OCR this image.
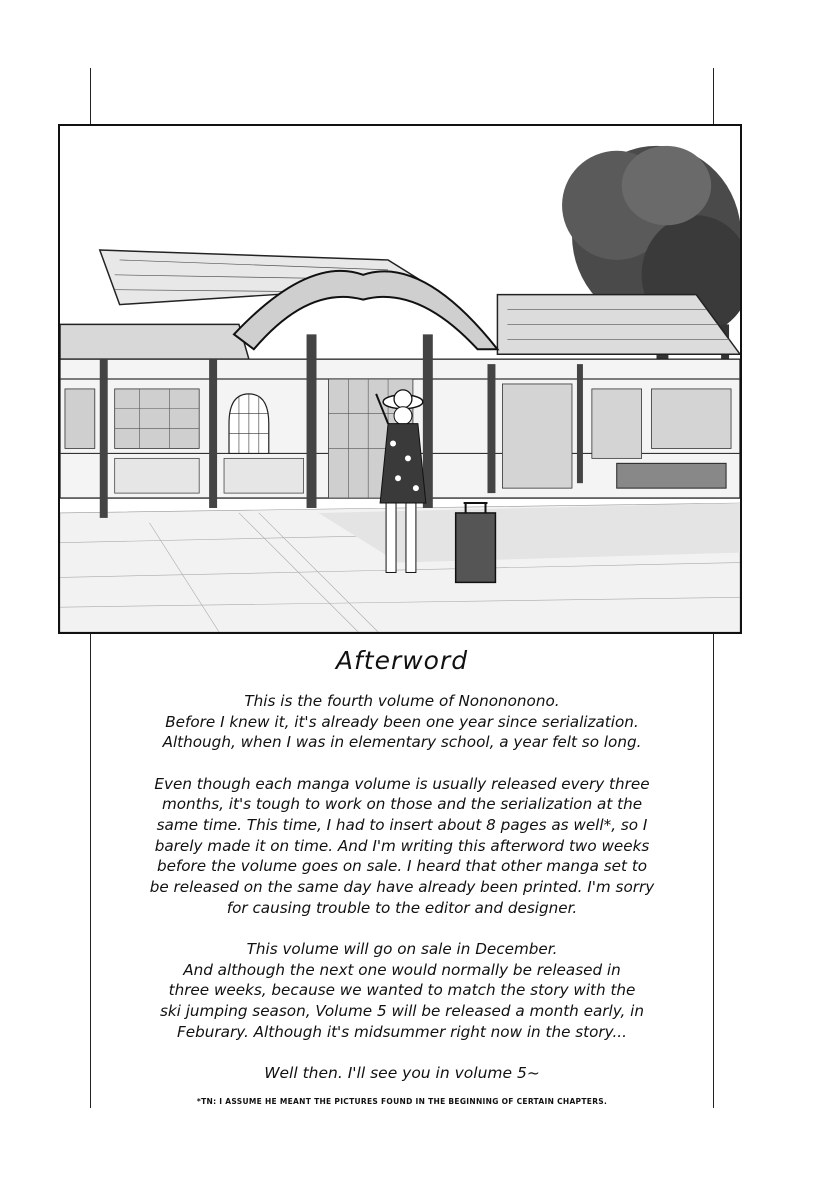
Afterword

This is the fourth volume of Nonononono.
Before I knew it, it's already been one year since serialization.
Although, when I was in elementary school, a year felt so long.

Even though each manga volume is usually released every three
months, it's tough to work on those and the serialization at the
same time. This time, I had to insert about 8 pages as well*, so I
barely made it on time. And I'm writing this afterword two weeks
before the volume goes on sale. I heard that other manga set to
be released on the same day have already been printed. I'm sorry
for causing trouble to the editor and designer.

This volume will go on sale in December.
And although the next one would normally be released in
three weeks, because we wanted to match the story with the
ski jumping season, Volume 5 will be released a month early, in
Feburary. Although it's midsummer right now in the story...

Well then. I'll see you in volume 5~
*TN: I ASSUME HE MEANT THE PICTURES FOUND IN THE BEGINNING OF CERTAIN CHAPTERS.
